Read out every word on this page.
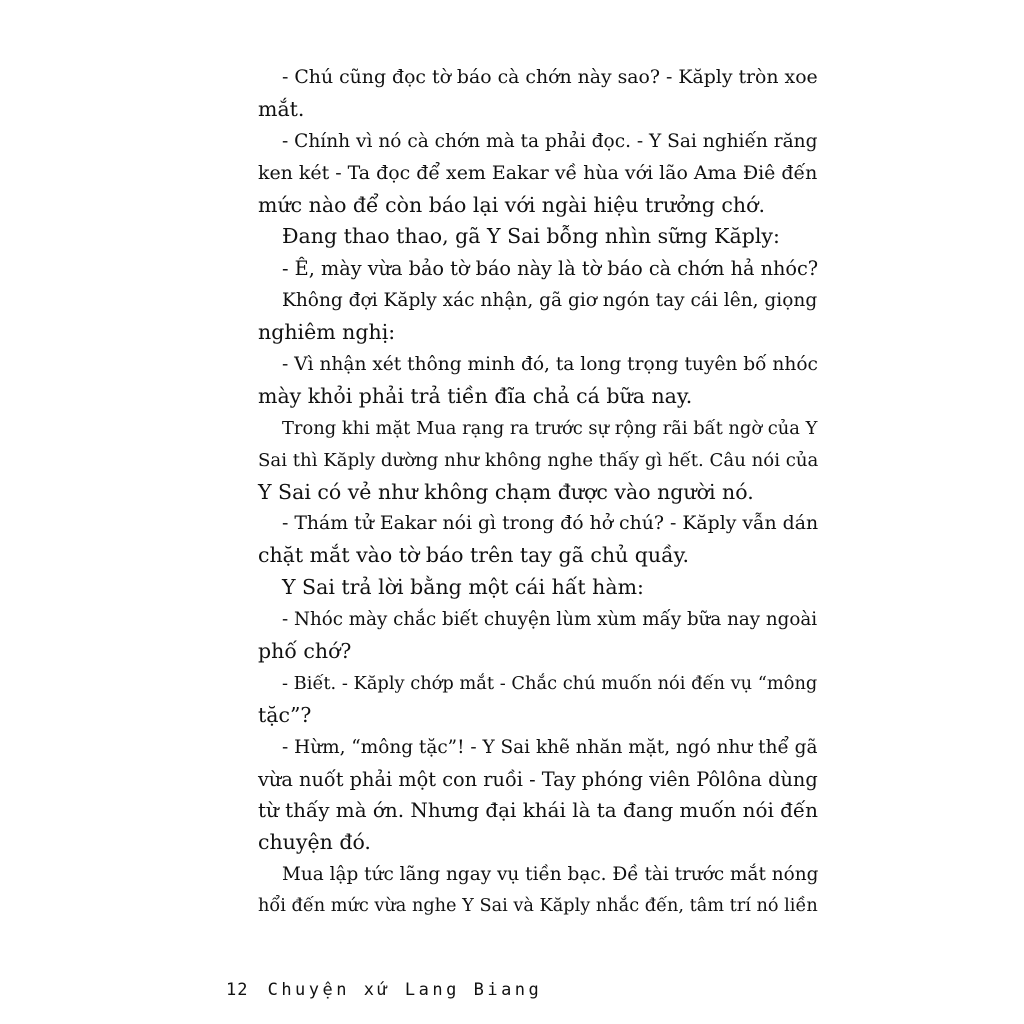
- Chú cũng đọc tờ báo cà chớn này sao? - Kăply tròn xoe
mắt.
- Chính vì nó cà chớn mà ta phải đọc. - Y Sai nghiến răng
ken két - Ta đọc để xem Eakar về hùa với lão Ama Điê đến
mức nào để còn báo lại với ngài hiệu trưởng chớ.
Đang thao thao, gã Y Sai bỗng nhìn sững Kăply:
- Ê, mày vừa bảo tờ báo này là tờ báo cà chớn hả nhóc?
Không đợi Kăply xác nhận, gã giơ ngón tay cái lên, giọng
nghiêm nghị:
- Vì nhận xét thông minh đó, ta long trọng tuyên bố nhóc
mày khỏi phải trả tiền đĩa chả cá bữa nay.
Trong khi mặt Mua rạng ra trước sự rộng rãi bất ngờ của Y
Sai thì Kăply dường như không nghe thấy gì hết. Câu nói của
Y Sai có vẻ như không chạm được vào người nó.
- Thám tử Eakar nói gì trong đó hở chú? - Kăply vẫn dán
chặt mắt vào tờ báo trên tay gã chủ quầy.
Y Sai trả lời bằng một cái hất hàm:
- Nhóc mày chắc biết chuyện lùm xùm mấy bữa nay ngoài
phố chớ?
- Biết. - Kăply chớp mắt - Chắc chú muốn nói đến vụ “mông
tặc”?
- Hừm, “mông tặc”! - Y Sai khẽ nhăn mặt, ngó như thể gã
vừa nuốt phải một con ruồi - Tay phóng viên Pôlôna dùng
từ thấy mà ớn. Nhưng đại khái là ta đang muốn nói đến
chuyện đó.
Mua lập tức lãng ngay vụ tiền bạc. Đề tài trước mắt nóng
hổi đến mức vừa nghe Y Sai và Kăply nhắc đến, tâm trí nó liền
12 Chuyện xứ Lang Biang
